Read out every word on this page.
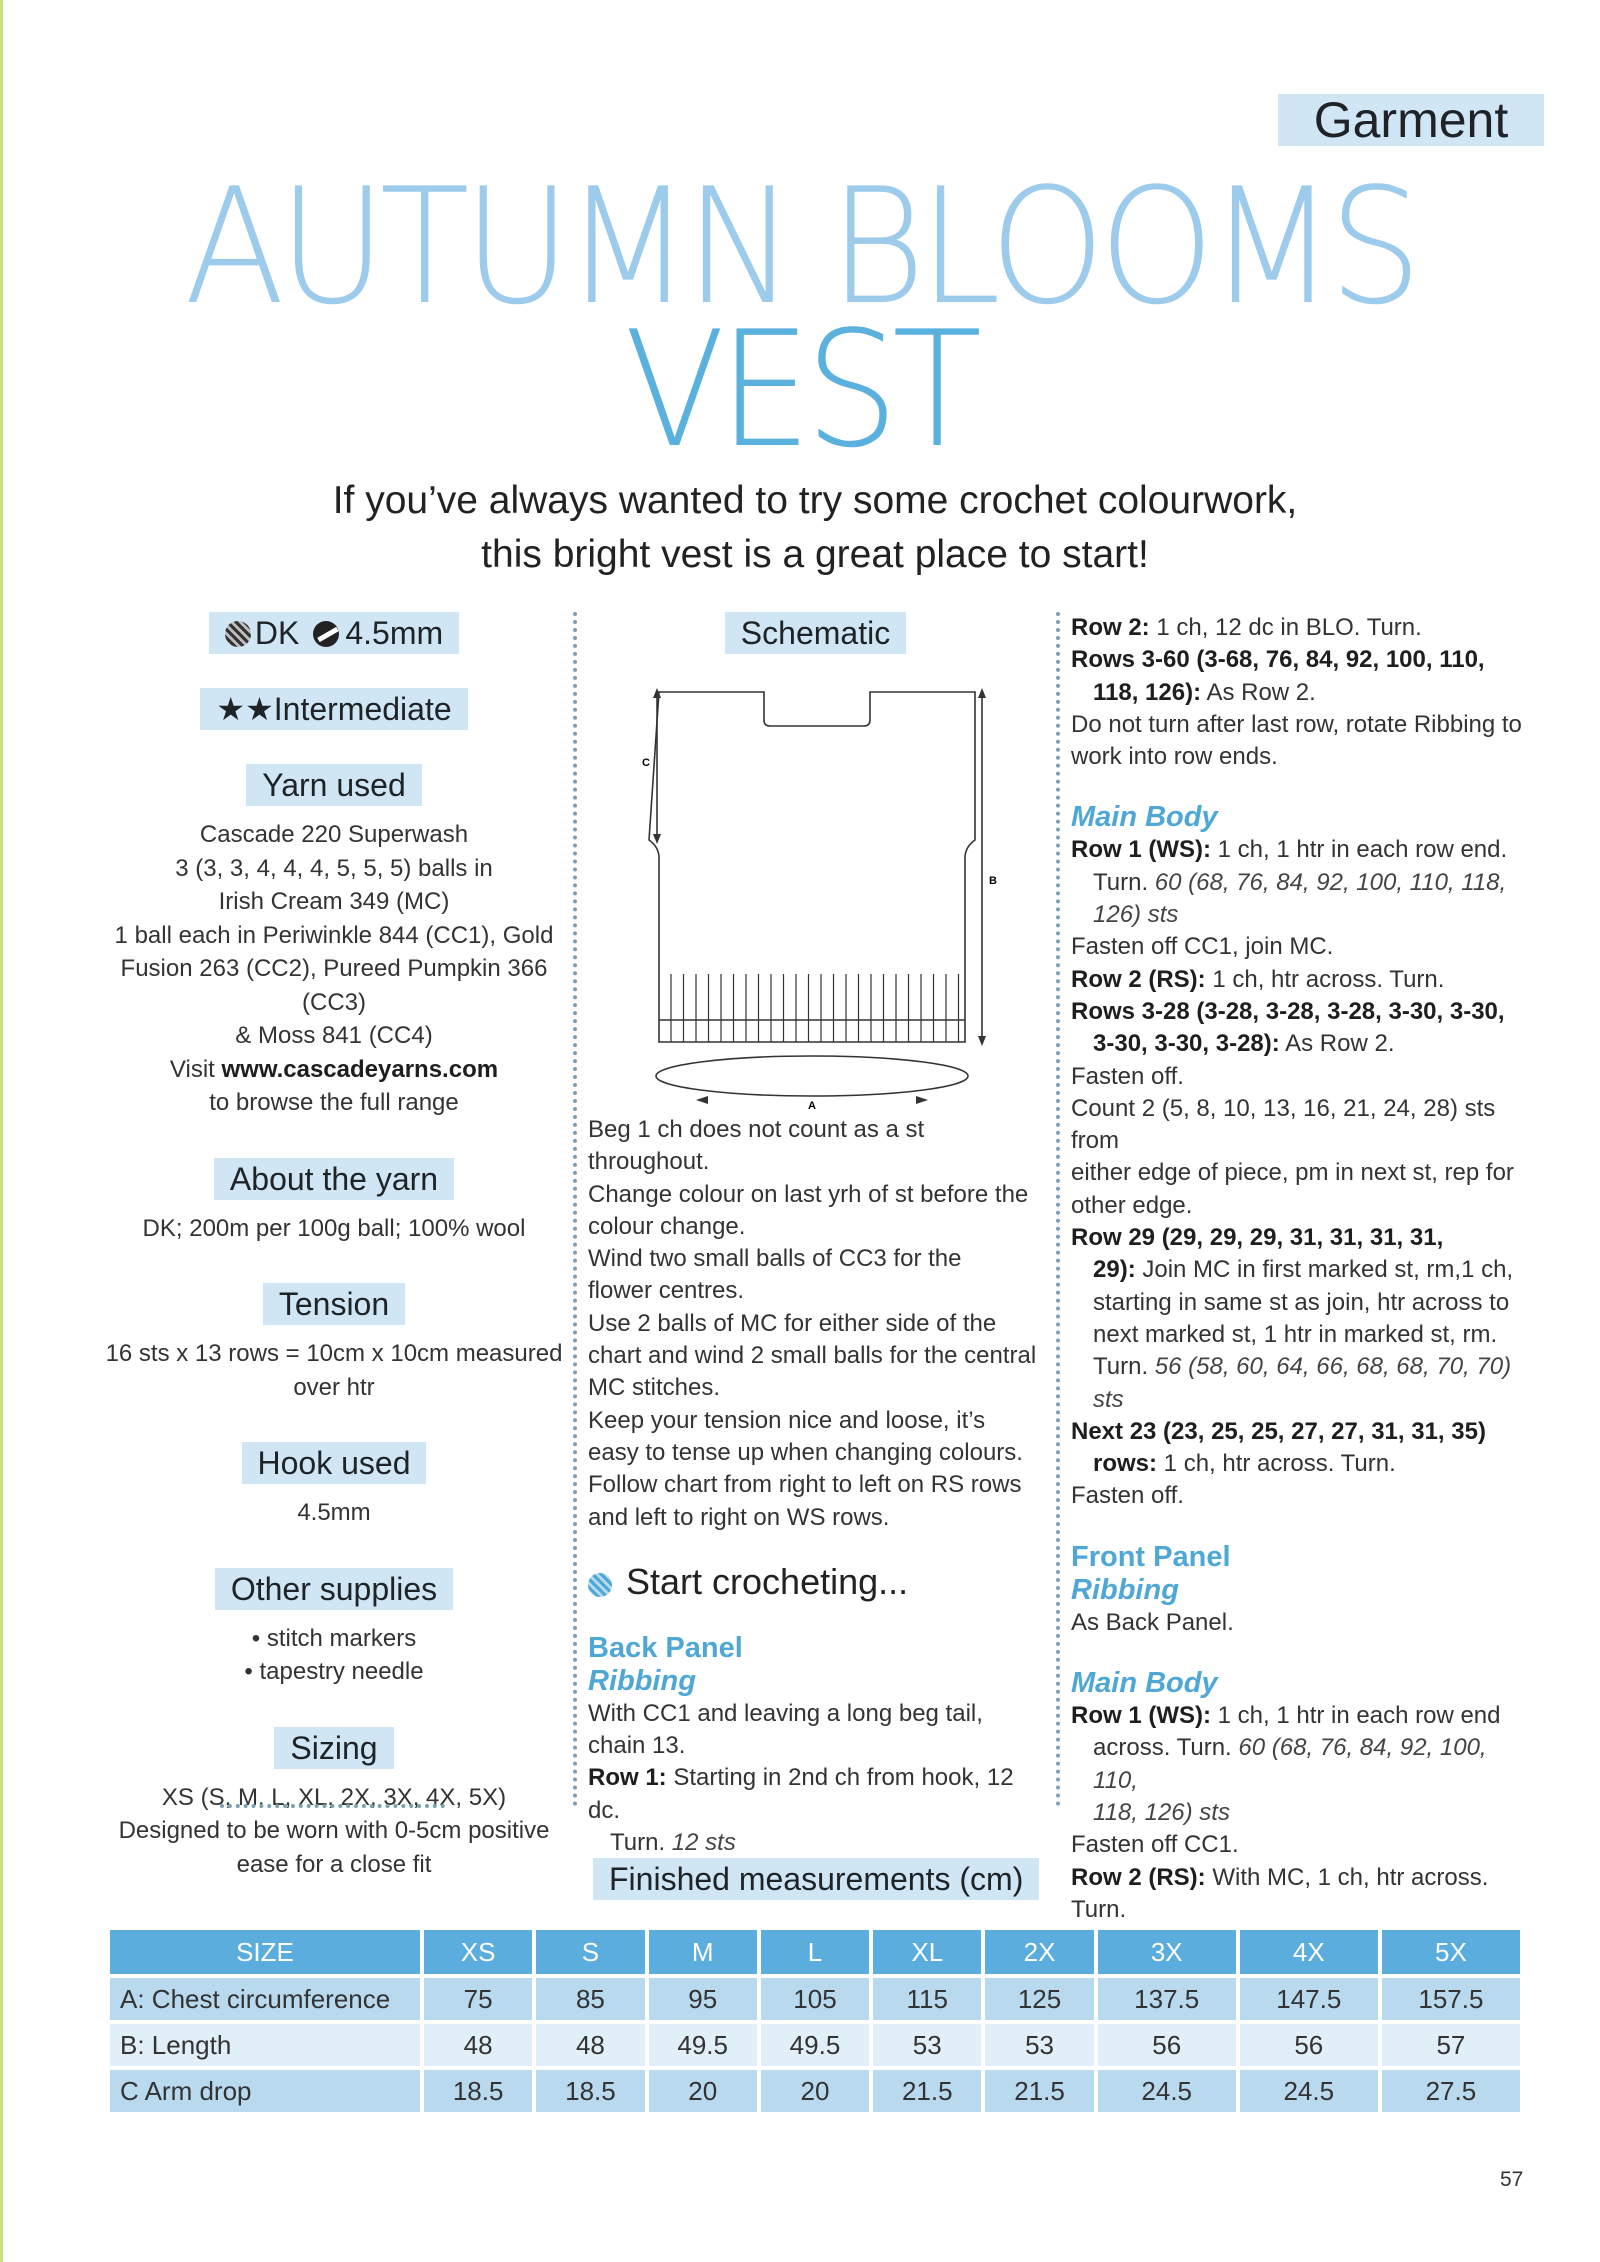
Garment
AUTUMN BLOOMS
VEST
If you’ve always wanted to try some crochet colourwork,
this bright vest is a great place to start!
DK 4.5mm
★★Intermediate
Yarn used
Cascade 220 Superwash
3 (3, 3, 4, 4, 4, 5, 5, 5) balls in
Irish Cream 349 (MC)
1 ball each in Periwinkle 844 (CC1), Gold
Fusion 263 (CC2), Pureed Pumpkin 366 (CC3)
& Moss 841 (CC4)
Visit www.cascadeyarns.com
to browse the full range
About the yarn
DK; 200m per 100g ball; 100% wool
Tension
16 sts x 13 rows = 10cm x 10cm measured
over htr
Hook used
4.5mm
Other supplies
• stitch markers
• tapestry needle
Sizing
XS (S, M, L, XL, 2X, 3X, 4X, 5X)
Designed to be worn with 0-5cm positive
ease for a close fit
Schematic
C
B
A
Beg 1 ch does not count as a st throughout.
Change colour on last yrh of st before the
colour change.
Wind two small balls of CC3 for the
flower centres.
Use 2 balls of MC for either side of the
chart and wind 2 small balls for the central
MC stitches.
Keep your tension nice and loose, it’s
easy to tense up when changing colours.
Follow chart from right to left on RS rows
and left to right on WS rows.
Start crocheting...
Back Panel
Ribbing
With CC1 and leaving a long beg tail,
chain 13.
Row 1: Starting in 2nd ch from hook, 12 dc.
Turn. 12 sts
Row 2: 1 ch, 12 dc in BLO. Turn.
Rows 3-60 (3-68, 76, 84, 92, 100, 110,
118, 126): As Row 2.
Do not turn after last row, rotate Ribbing to
work into row ends.
Main Body
Row 1 (WS): 1 ch, 1 htr in each row end.
Turn. 60 (68, 76, 84, 92, 100, 110, 118,
126) sts
Fasten off CC1, join MC.
Row 2 (RS): 1 ch, htr across. Turn.
Rows 3-28 (3-28, 3-28, 3-28, 3-30, 3-30,
3-30, 3-30, 3-28): As Row 2.
Fasten off.
Count 2 (5, 8, 10, 13, 16, 21, 24, 28) sts from
either edge of piece, pm in next st, rep for
other edge.
Row 29 (29, 29, 29, 31, 31, 31, 31,
29): Join MC in first marked st, rm,1 ch,
starting in same st as join, htr across to
next marked st, 1 htr in marked st, rm.
Turn. 56 (58, 60, 64, 66, 68, 68, 70, 70) sts
Next 23 (23, 25, 25, 27, 27, 31, 31, 35)
rows: 1 ch, htr across. Turn.
Fasten off.
Front Panel
Ribbing
As Back Panel.
Main Body
Row 1 (WS): 1 ch, 1 htr in each row end
across. Turn. 60 (68, 76, 84, 92, 100, 110,
118, 126) sts
Fasten off CC1.
Row 2 (RS): With MC, 1 ch, htr across. Turn.
Finished measurements (cm)
SIZE	XS	S	M	L	XL	2X	3X	4X	5X
A: Chest circumference	75	85	95	105	115	125	137.5	147.5	157.5
B: Length	48	48	49.5	49.5	53	53	56	56	57
C Arm drop	18.5	18.5	20	20	21.5	21.5	24.5	24.5	27.5
57
